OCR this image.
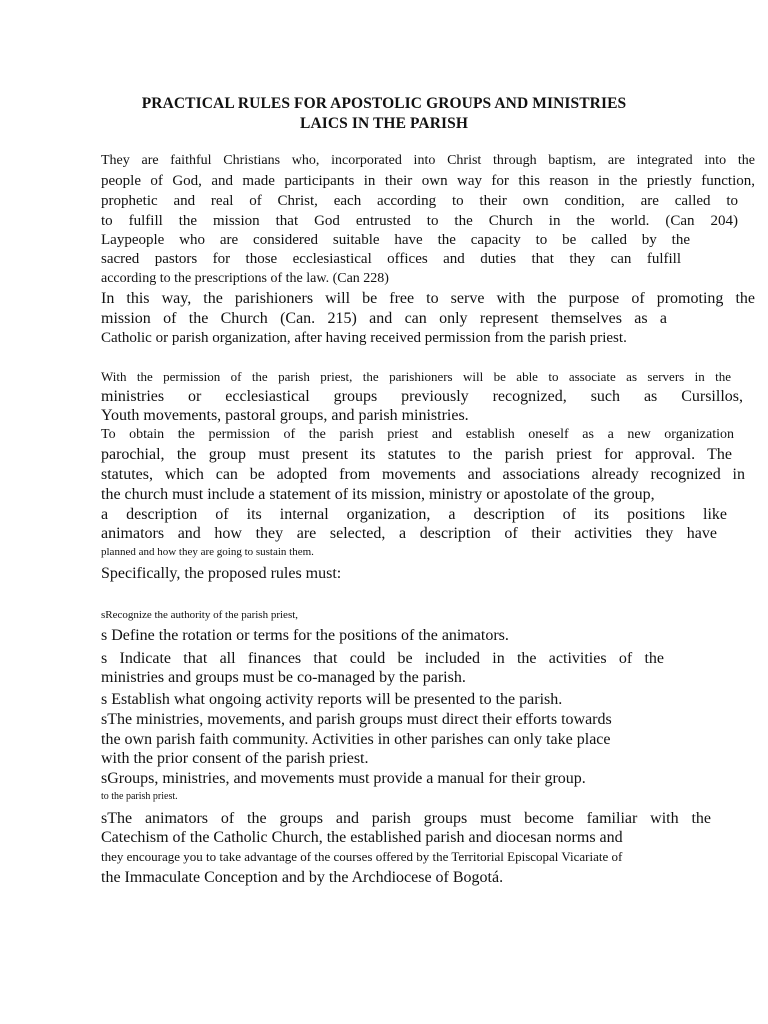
PRACTICAL RULES FOR APOSTOLIC GROUPS AND MINISTRIES
LAICS IN THE PARISH
They are faithful Christians who, incorporated into Christ through baptism, are integrated into the
people of God, and made participants in their own way for this reason in the priestly function,
prophetic and real of Christ, each according to their own condition, are called to
to fulfill the mission that God entrusted to the Church in the world. (Can 204)
Laypeople who are considered suitable have the capacity to be called by the
sacred pastors for those ecclesiastical offices and duties that they can fulfill
according to the prescriptions of the law. (Can 228)
In this way, the parishioners will be free to serve with the purpose of promoting the
mission of the Church (Can. 215) and can only represent themselves as a
Catholic or parish organization, after having received permission from the parish priest.
With the permission of the parish priest, the parishioners will be able to associate as servers in the
ministries or ecclesiastical groups previously recognized, such as Cursillos,
Youth movements, pastoral groups, and parish ministries.
To obtain the permission of the parish priest and establish oneself as a new organization
parochial, the group must present its statutes to the parish priest for approval. The
statutes, which can be adopted from movements and associations already recognized in
the church must include a statement of its mission, ministry or apostolate of the group,
a description of its internal organization, a description of its positions like
animators and how they are selected, a description of their activities they have
planned and how they are going to sustain them.
Specifically, the proposed rules must:
sRecognize the authority of the parish priest,
s Define the rotation or terms for the positions of the animators.
s Indicate that all finances that could be included in the activities of the
ministries and groups must be co-managed by the parish.
s Establish what ongoing activity reports will be presented to the parish.
sThe ministries, movements, and parish groups must direct their efforts towards
the own parish faith community. Activities in other parishes can only take place
with the prior consent of the parish priest.
sGroups, ministries, and movements must provide a manual for their group.
to the parish priest.
sThe animators of the groups and parish groups must become familiar with the
Catechism of the Catholic Church, the established parish and diocesan norms and
they encourage you to take advantage of the courses offered by the Territorial Episcopal Vicariate of
the Immaculate Conception and by the Archdiocese of Bogotá.
